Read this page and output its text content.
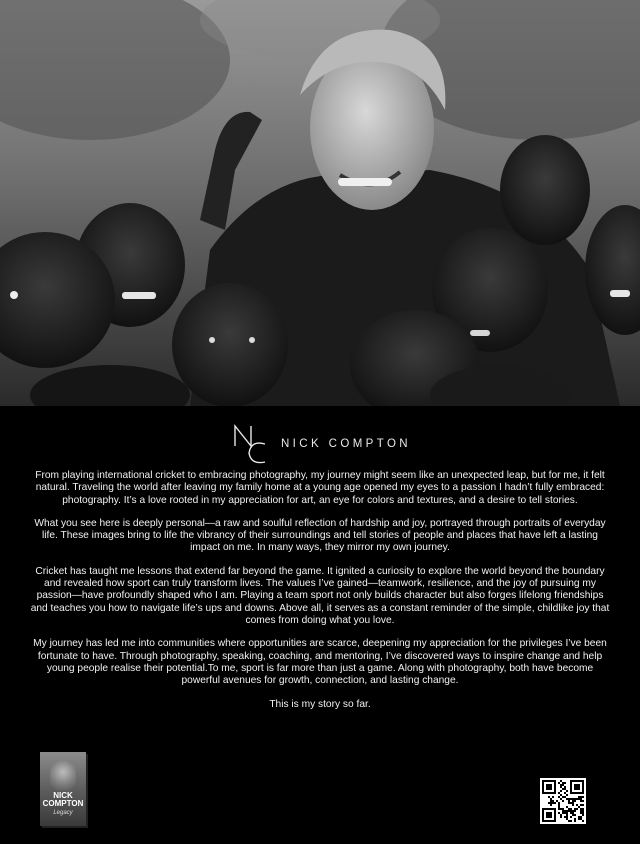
NICK COMPTON

From playing international cricket to embracing photography, my journey might seem like an unexpected leap, but for me, it felt natural. Traveling the world after leaving my family home at a young age opened my eyes to a passion I hadn’t fully embraced: photography. It’s a love rooted in my appreciation for art, an eye for colors and textures, and a desire to tell stories.

What you see here is deeply personal—a raw and soulful reflection of hardship and joy, portrayed through portraits of everyday life. These images bring to life the vibrancy of their surroundings and tell stories of people and places that have left a lasting impact on me. In many ways, they mirror my own journey.

Cricket has taught me lessons that extend far beyond the game. It ignited a curiosity to explore the world beyond the boundary and revealed how sport can truly transform lives. The values I’ve gained—teamwork, resilience, and the joy of pursuing my passion—have profoundly shaped who I am. Playing a team sport not only builds character but also forges lifelong friendships and teaches you how to navigate life’s ups and downs. Above all, it serves as a constant reminder of the simple, childlike joy that comes from doing what you love.

My journey has led me into communities where opportunities are scarce, deepening my appreciation for the privileges I’ve been fortunate to have. Through photography, speaking, coaching, and mentoring, I’ve discovered ways to inspire change and help young people realise their potential.To me, sport is far more than just a game. Along with photography, both have become powerful avenues for growth, connection, and lasting change.

This is my story so far.

NICK
COMPTON
Legacy
